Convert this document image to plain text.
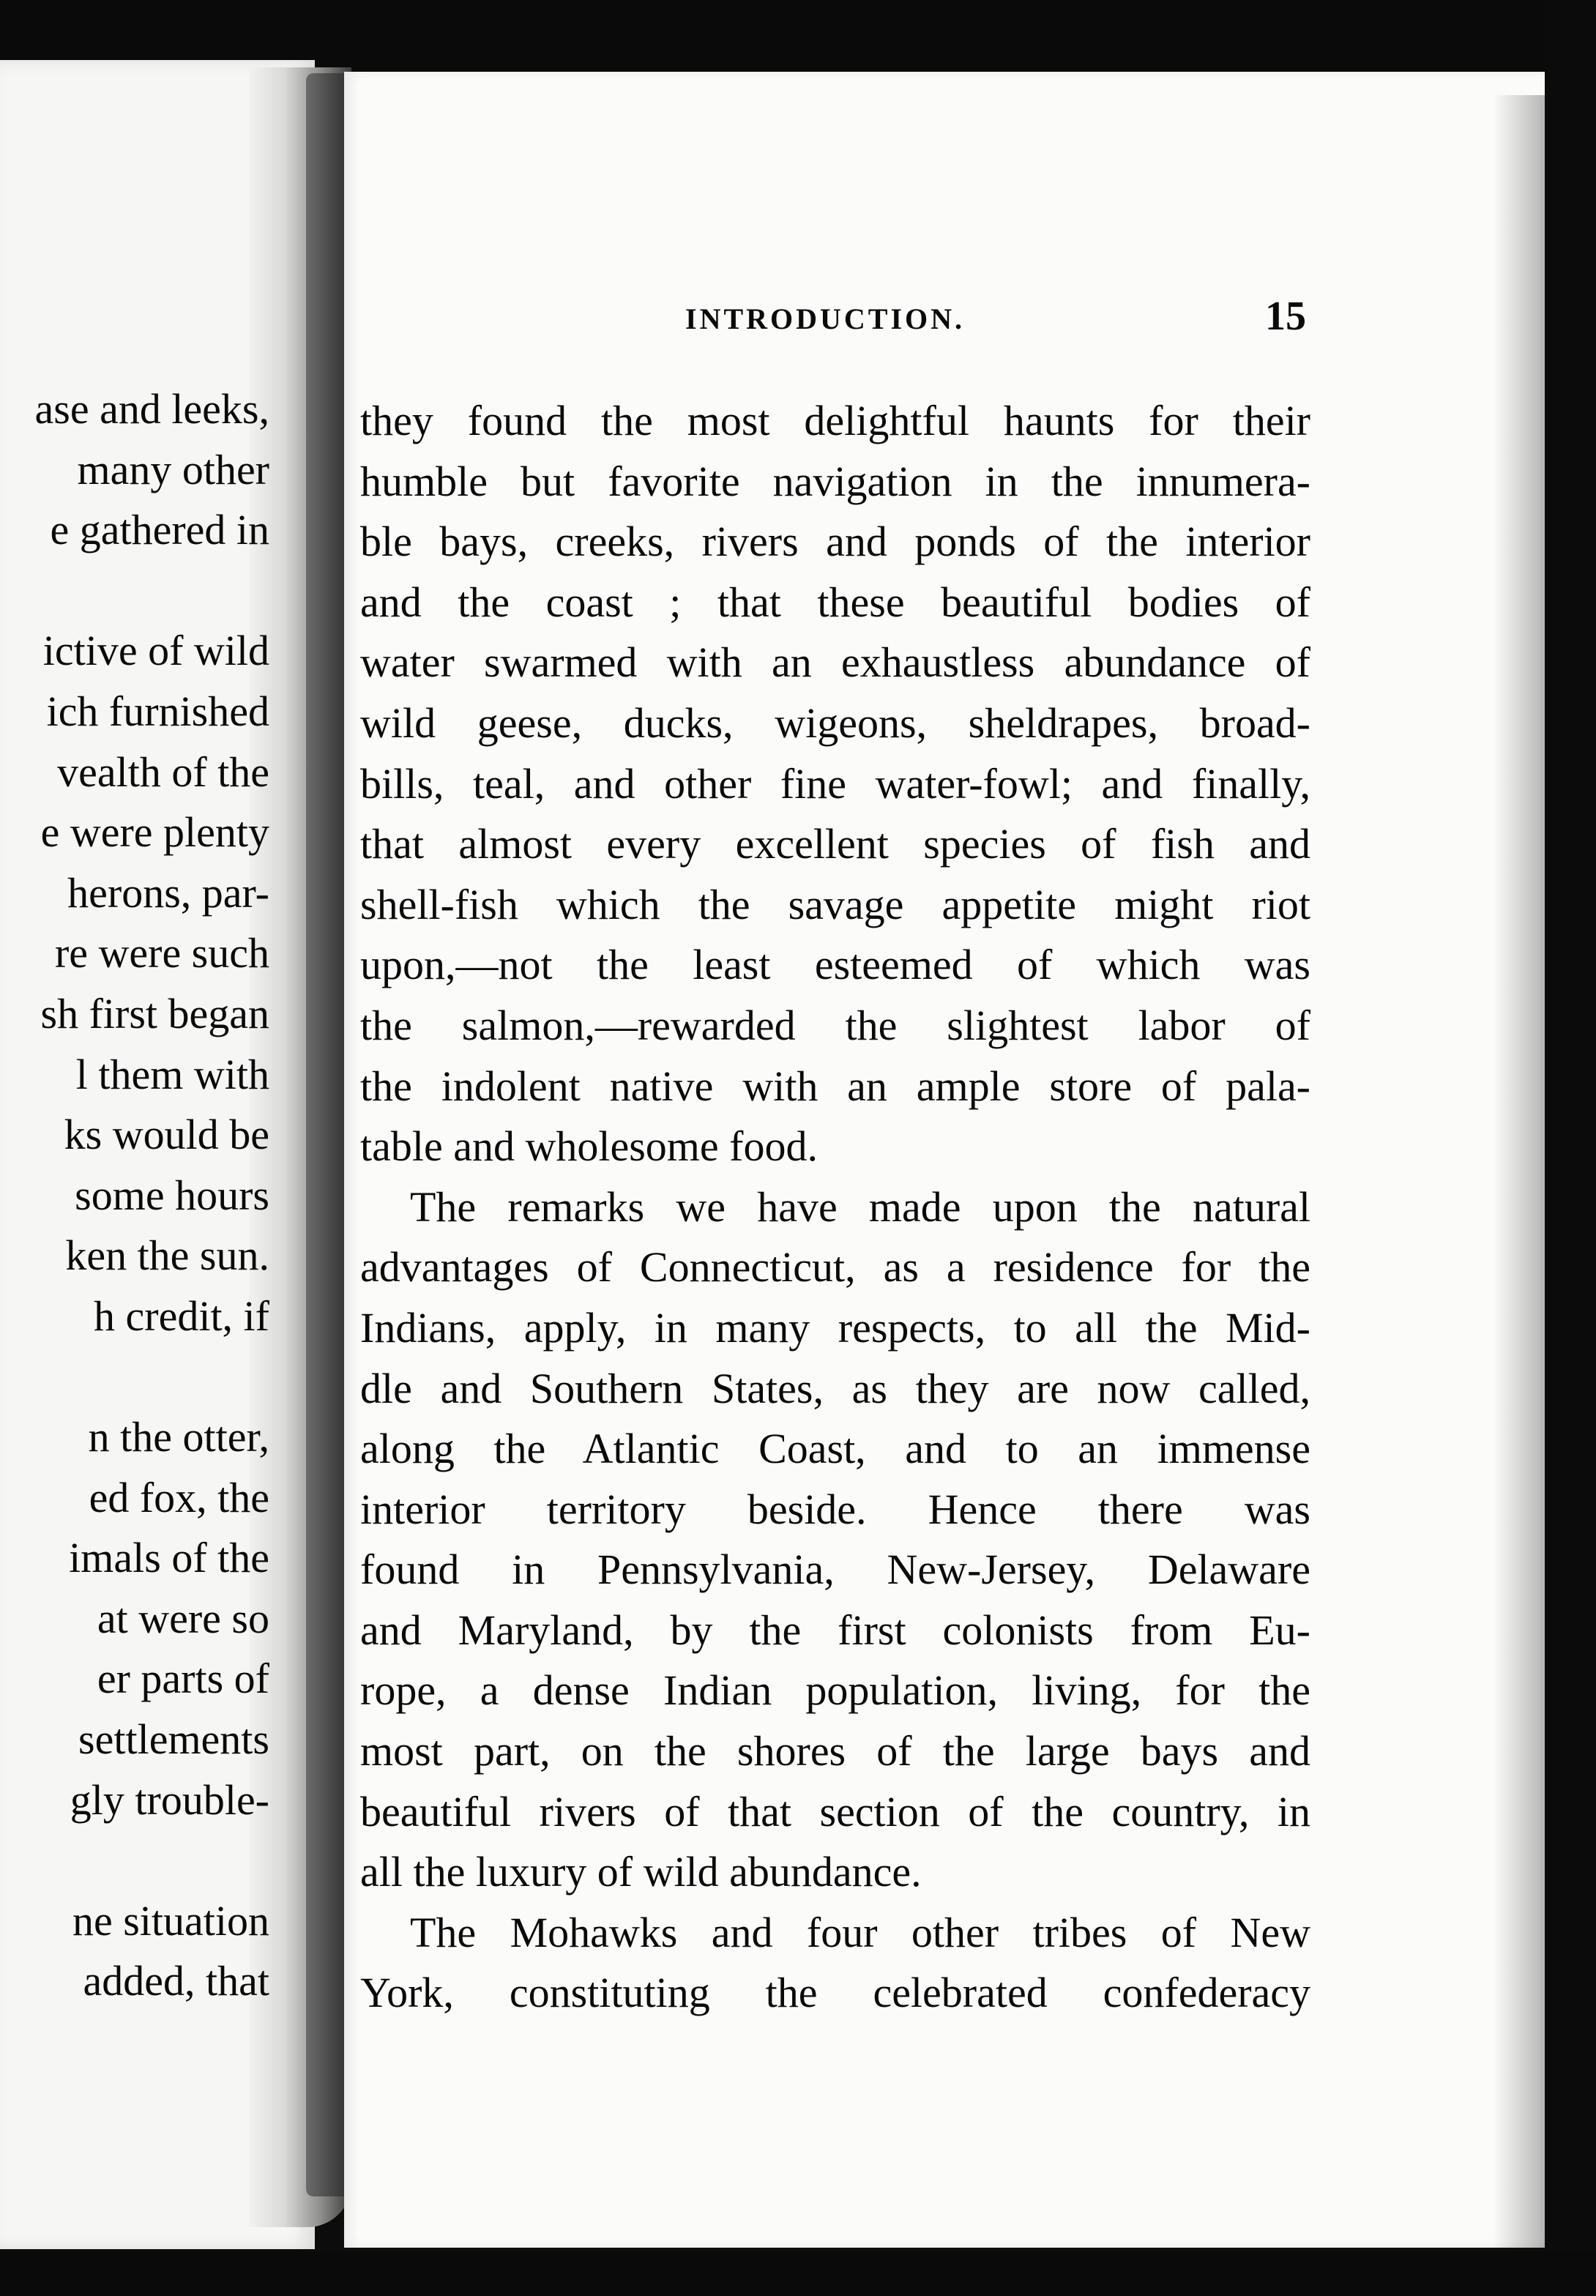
ase and leeks,
many other
e gathered in
ictive of wild
ich furnished
vealth of the
e were plenty
herons, par-
re were such
sh first began
l them with
ks would be
some hours
ken the sun.
h credit, if
n the otter,
ed fox, the
imals of the
at were so
er parts of
settlements
gly trouble-
ne situation
added, that
INTRODUCTION.	15
they found the most delightful haunts for their
humble but favorite navigation in the innumera-
ble bays, creeks, rivers and ponds of the interior
and the coast ; that these beautiful bodies of
water swarmed with an exhaustless abundance of
wild geese, ducks, wigeons, sheldrapes, broad-
bills, teal, and other fine water-fowl; and finally,
that almost every excellent species of fish and
shell-fish which the savage appetite might riot
upon,—not the least esteemed of which was
the salmon,—rewarded the slightest labor of
the indolent native with an ample store of pala-
table and wholesome food.
The remarks we have made upon the natural
advantages of Connecticut, as a residence for the
Indians, apply, in many respects, to all the Mid-
dle and Southern States, as they are now called,
along the Atlantic Coast, and to an immense
interior territory beside. Hence there was
found in Pennsylvania, New-Jersey, Delaware
and Maryland, by the first colonists from Eu-
rope, a dense Indian population, living, for the
most part, on the shores of the large bays and
beautiful rivers of that section of the country, in
all the luxury of wild abundance.
The Mohawks and four other tribes of New
York, constituting the celebrated confederacy
